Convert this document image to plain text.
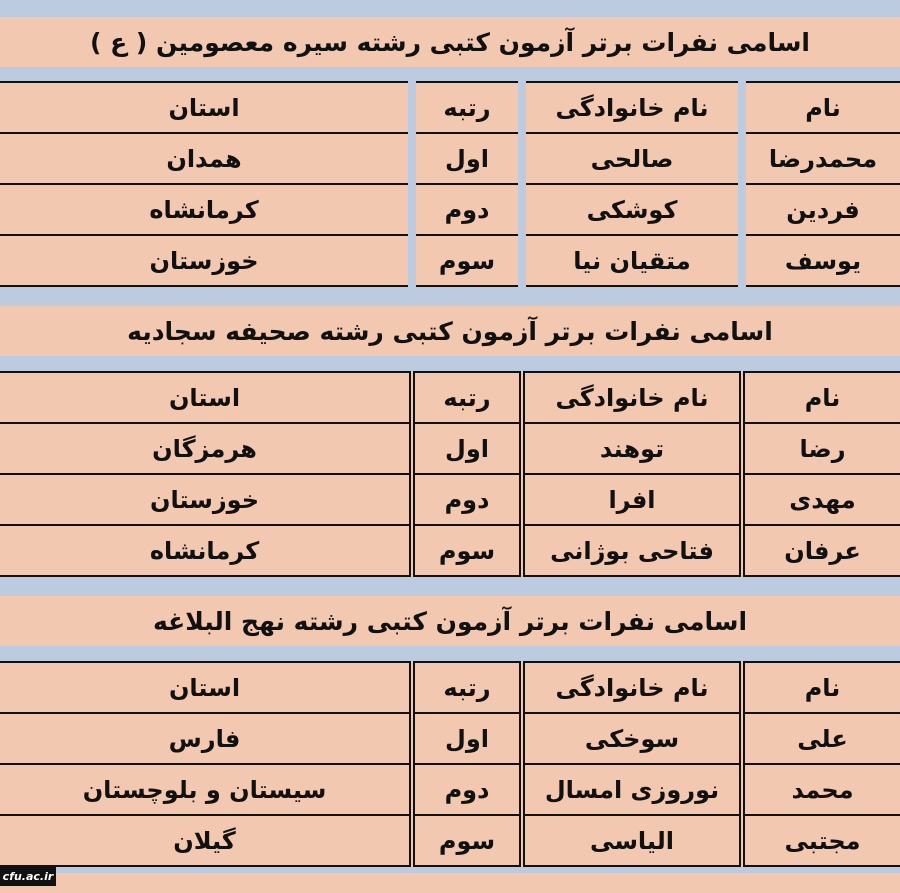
اسامی نفرات برتر آزمون کتبی رشته سیره معصومین ( ع )
نام	نام خانوادگی	رتبه	استان
محمدرضا	صالحی	اول	همدان
فردین	کوشکی	دوم	کرمانشاه
یوسف	متقیان نیا	سوم	خوزستان
اسامی نفرات برتر آزمون کتبی رشته صحیفه سجادیه
نام	نام خانوادگی	رتبه	استان
رضا	توهند	اول	هرمزگان
مهدی	افرا	دوم	خوزستان
عرفان	فتاحی بوژانی	سوم	کرمانشاه
اسامی نفرات برتر آزمون کتبی رشته نهج البلاغه
نام	نام خانوادگی	رتبه	استان
علی	سوخکی	اول	فارس
محمد	نوروزی امسال	دوم	سیستان و بلوچستان
مجتبی	الیاسی	سوم	گیلان
cfu.ac.ir
